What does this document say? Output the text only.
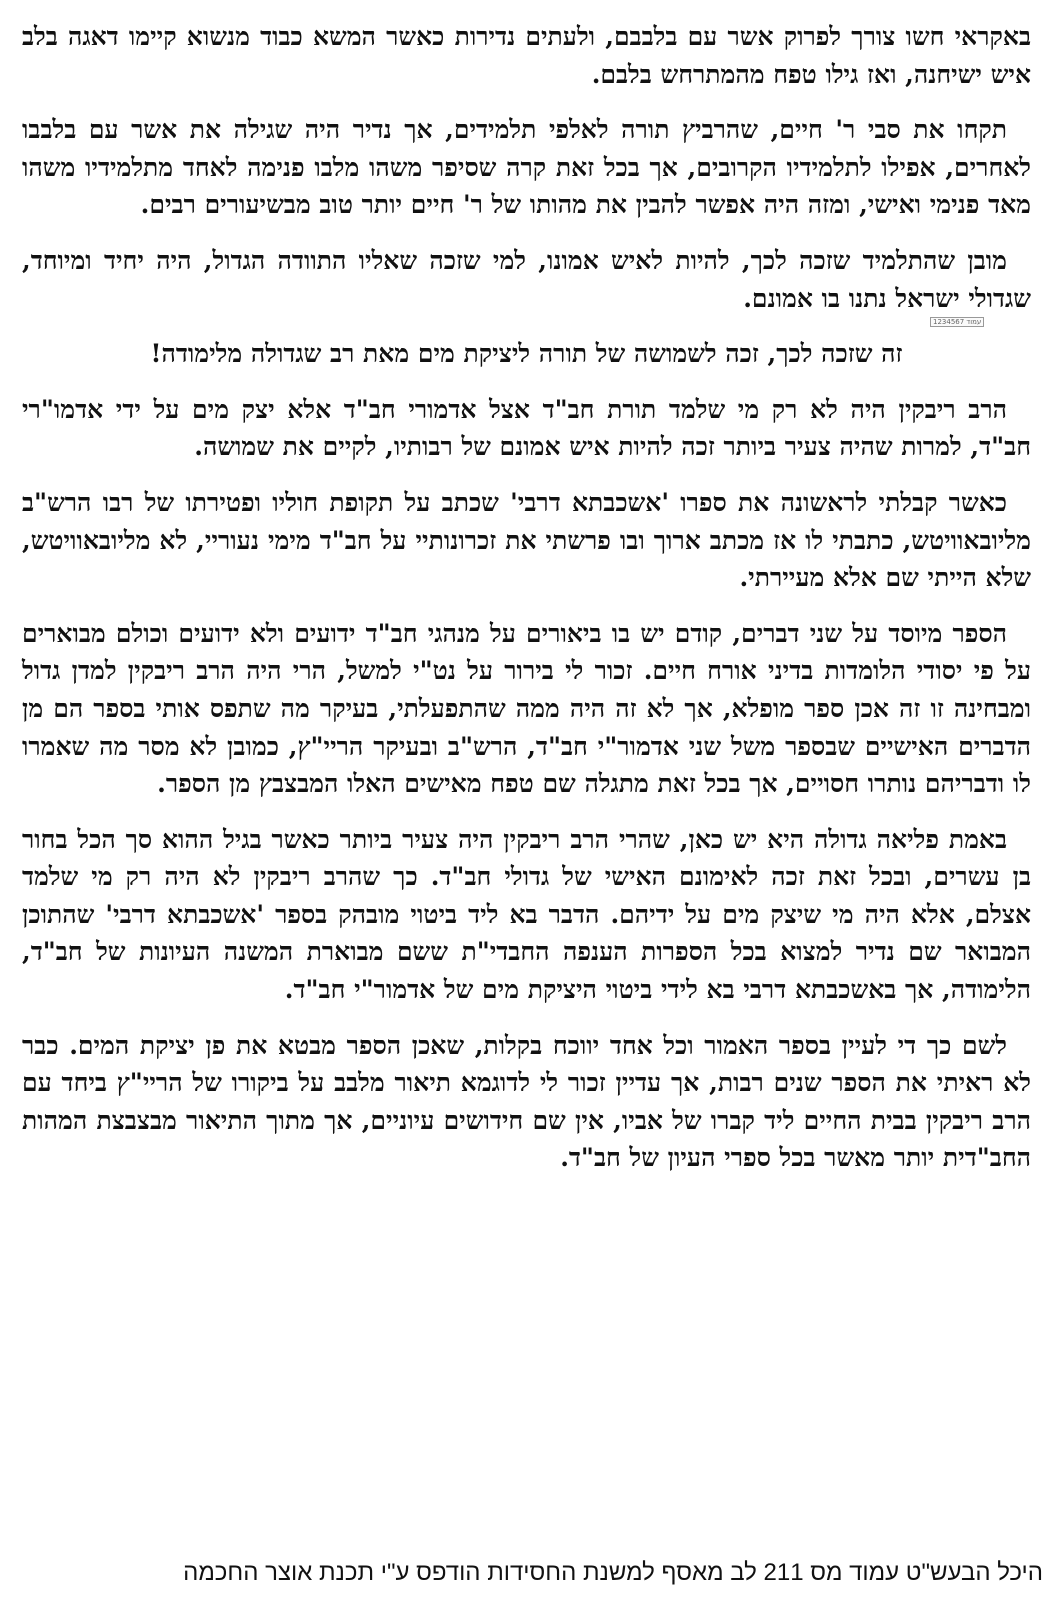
באקראי חשו צורך לפרוק אשר עם בלבבם, ולעתים נדירות כאשר המשא כבוד מנשוא קיימו דאגה בלב איש ישיחנה, ואז גילו טפח מהמתרחש בלבם.

תקחו את סבי ר' חיים, שהרביץ תורה לאלפי תלמידים, אך נדיר היה שגילה את אשר עם בלבבו לאחרים, אפילו לתלמידיו הקרובים, אך בכל זאת קרה שסיפר משהו מלבו פנימה לאחד מתלמידיו משהו מאד פנימי ואישי, ומזה היה אפשר להבין את מהותו של ר' חיים יותר טוב מבשיעורים רבים.

מובן שהתלמיד שזכה לכך, להיות לאיש אמונו, למי שזכה שאליו התוודה הגדול, היה יחיד ומיוחד, שגדולי ישראל נתנו בו אמונם.

זה שזכה לכך, זכה לשמושה של תורה ליציקת מים מאת רב שגדולה מלימודה!

הרב ריבקין היה לא רק מי שלמד תורת חב"ד אצל אדמורי חב"ד אלא יצק מים על ידי אדמו"רי חב"ד, למרות שהיה צעיר ביותר זכה להיות איש אמונם של רבותיו, לקיים את שמושה.

כאשר קבלתי לראשונה את ספרו 'אשכבתא דרבי' שכתב על תקופת חוליו ופטירתו של רבו הרש"ב מליובאוויטש, כתבתי לו אז מכתב ארוך ובו פרשתי את זכרונותיי על חב"ד מימי נעוריי, לא מליובאוויטש, שלא הייתי שם אלא מעיירתי.

הספר מיוסד על שני דברים, קודם יש בו ביאורים על מנהגי חב"ד ידועים ולא ידועים וכולם מבוארים על פי יסודי הלומדות בדיני אורח חיים. זכור לי בירור על נט"י למשל, הרי היה הרב ריבקין למדן גדול ומבחינה זו זה אכן ספר מופלא, אך לא זה היה ממה שהתפעלתי, בעיקר מה שתפס אותי בספר הם מן הדברים האישיים שבספר משל שני אדמור"י חב"ד, הרש"ב ובעיקר הריי"ץ, כמובן לא מסר מה שאמרו לו ודבריהם נותרו חסויים, אך בכל זאת מתגלה שם טפח מאישים האלו המבצבץ מן הספר.

באמת פליאה גדולה היא יש כאן, שהרי הרב ריבקין היה צעיר ביותר כאשר בגיל ההוא סך הכל בחור בן עשרים, ובכל זאת זכה לאימונם האישי של גדולי חב"ד. כך שהרב ריבקין לא היה רק מי שלמד אצלם, אלא היה מי שיצק מים על ידיהם. הדבר בא ליד ביטוי מובהק בספר 'אשכבתא דרבי' שהתוכן המבואר שם נדיר למצוא בכל הספרות הענפה החבדי"ת ששם מבוארת המשנה העיונות של חב"ד, הלימודה, אך באשכבתא דרבי בא לידי ביטוי היציקת מים של אדמור"י חב"ד.

לשם כך די לעיין בספר האמור וכל אחד יווכח בקלות, שאכן הספר מבטא את פן יציקת המים. כבר לא ראיתי את הספר שנים רבות, אך עדיין זכור לי לדוגמא תיאור מלבב על ביקורו של הריי"ץ ביחד עם הרב ריבקין בבית החיים ליד קברו של אביו, אין שם חידושים עיוניים, אך מתוך התיאור מבצבצת המהות החב"דית יותר מאשר בכל ספרי העיון של חב"ד.

עמוד 1234567
היכל הבעש"ט עמוד מס 211 לב מאסף למשנת החסידות הודפס ע"י תכנת אוצר החכמה
